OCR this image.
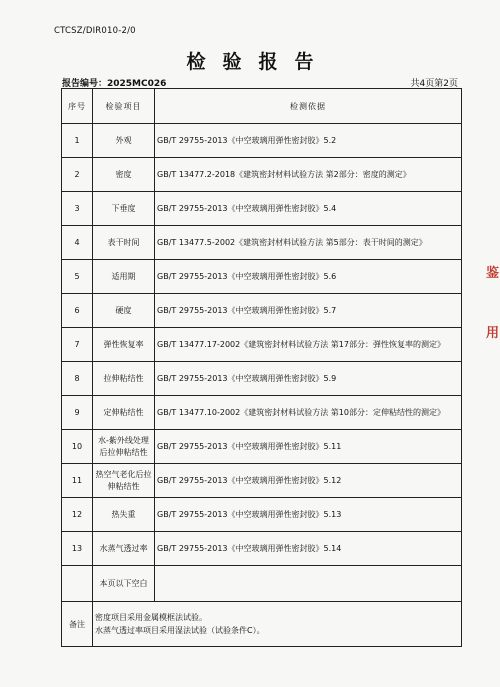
CTCSZ/DIR010-2/0
检验报告
报告编号：2025MC026	共4页第2页
序号	检验项目	检测依据
1	外观	GB/T 29755-2013《中空玻璃用弹性密封胶》5.2
2	密度	GB/T 13477.2-2018《建筑密封材料试验方法 第2部分：密度的测定》
3	下垂度	GB/T 29755-2013《中空玻璃用弹性密封胶》5.4
4	表干时间	GB/T 13477.5-2002《建筑密封材料试验方法 第5部分：表干时间的测定》
5	适用期	GB/T 29755-2013《中空玻璃用弹性密封胶》5.6
6	硬度	GB/T 29755-2013《中空玻璃用弹性密封胶》5.7
7	弹性恢复率	GB/T 13477.17-2002《建筑密封材料试验方法 第17部分：弹性恢复率的测定》
8	拉伸粘结性	GB/T 29755-2013《中空玻璃用弹性密封胶》5.9
9	定伸粘结性	GB/T 13477.10-2002《建筑密封材料试验方法 第10部分：定伸粘结性的测定》
10	水-紫外线处理后拉伸粘结性	GB/T 29755-2013《中空玻璃用弹性密封胶》5.11
11	热空气老化后拉伸粘结性	GB/T 29755-2013《中空玻璃用弹性密封胶》5.12
12	热失重	GB/T 29755-2013《中空玻璃用弹性密封胶》5.13
13	水蒸气透过率	GB/T 29755-2013《中空玻璃用弹性密封胶》5.14
	本页以下空白	
备注	密度项目采用金属模框法试验。
水蒸气透过率项目采用湿法试验（试验条件C）。	
鉴
用
